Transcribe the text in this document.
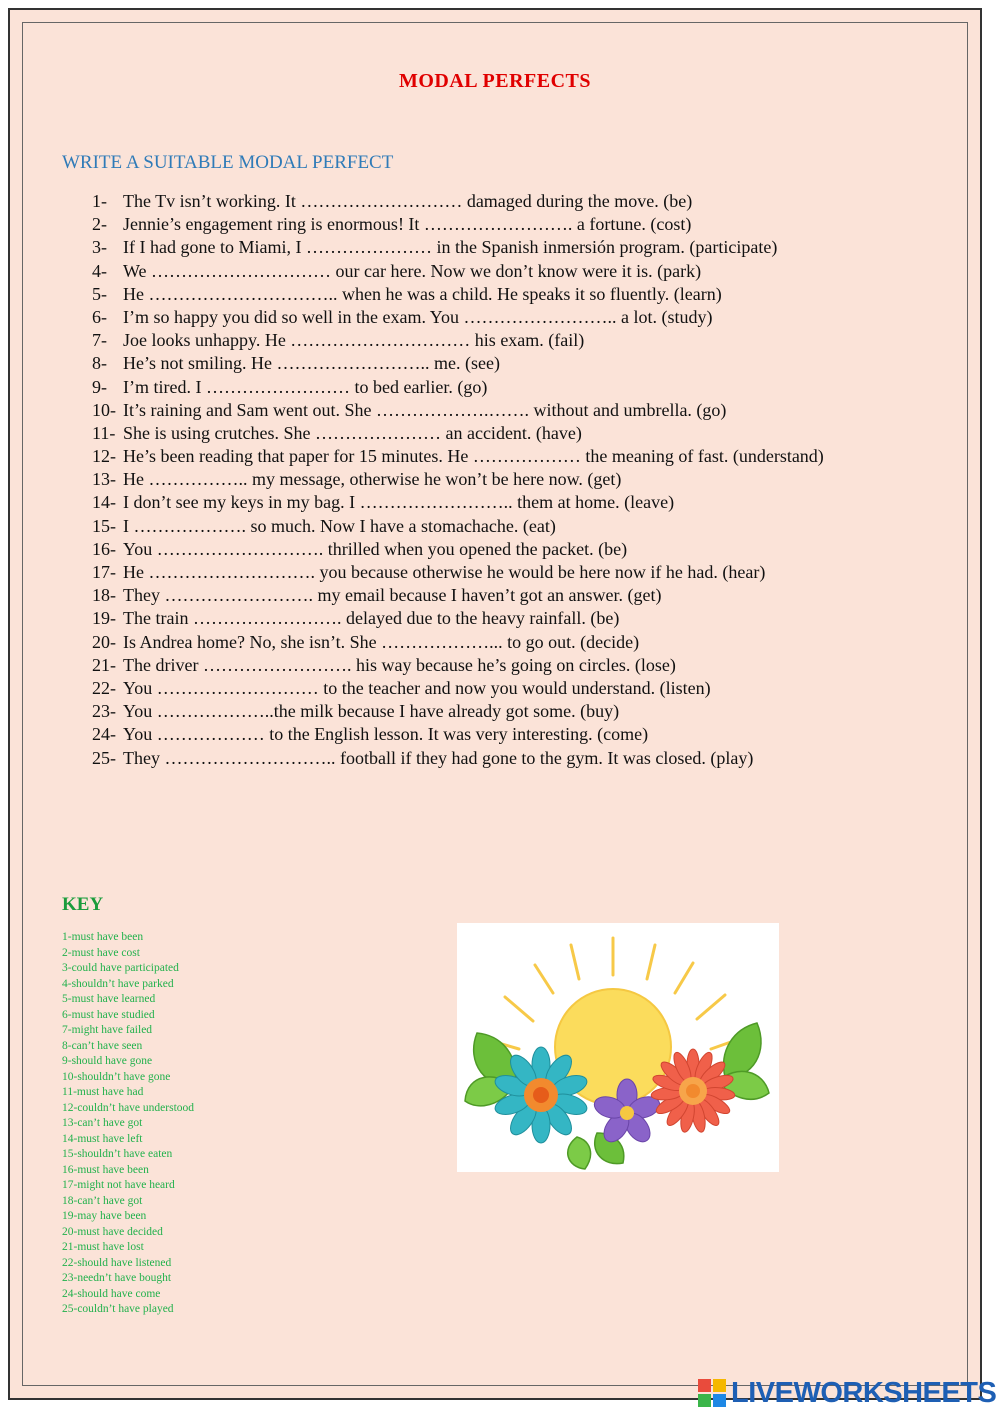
MODAL PERFECTS
WRITE A SUITABLE MODAL PERFECT
1- The Tv isn’t working. It ……………………… damaged during the move. (be)
2- Jennie’s engagement ring is enormous! It ……………………. a fortune. (cost)
3- If I had gone to Miami, I ………………… in the Spanish inmersión program. (participate)
4- We ………………………… our car here. Now we don’t know were it is. (park)
5- He ………………………….. when he was a child. He speaks it so fluently. (learn)
6- I’m so happy you did so well in the exam. You …………………….. a lot. (study)
7- Joe looks unhappy. He ………………………… his exam. (fail)
8- He’s not smiling. He …………………….. me. (see)
9- I’m tired. I …………………… to bed earlier. (go)
10- It’s raining and Sam went out. She ……………….……. without and umbrella. (go)
11- She is using crutches. She ………………… an accident. (have)
12- He’s been reading that paper for 15 minutes. He ……………… the meaning of fast. (understand)
13- He …………….. my message, otherwise he won’t be here now. (get)
14- I don’t see my keys in my bag. I …………………….. them at home. (leave)
15- I ………………. so much. Now I have a stomachache. (eat)
16- You ………………………. thrilled when you opened the packet. (be)
17- He ………………………. you because otherwise he would be here now if he had. (hear)
18- They ……………………. my email because I haven’t got an answer. (get)
19- The train ……………………. delayed due to the heavy rainfall. (be)
20- Is Andrea home? No, she isn’t. She ………………... to go out. (decide)
21- The driver ……………………. his way because he’s going on circles. (lose)
22- You ……………………… to the teacher and now you would understand. (listen)
23- You ………………..the milk because I have already got some. (buy)
24- You ……………… to the English lesson. It was very interesting. (come)
25- They ……………………….. football if they had gone to the gym. It was closed. (play)
KEY
1-must have been
2-must have cost
3-could have participated
4-shouldn’t have parked
5-must have learned
6-must have studied
7-might have failed
8-can’t have seen
9-should have gone
10-shouldn’t have gone
11-must have had
12-couldn’t have understood
13-can’t have got
14-must have left
15-shouldn’t have eaten
16-must have been
17-might not have heard
18-can’t have got
19-may have been
20-must have decided
21-must have lost
22-should have listened
23-needn’t have bought
24-should have come
25-couldn’t have played
LIVEWORKSHEETS
